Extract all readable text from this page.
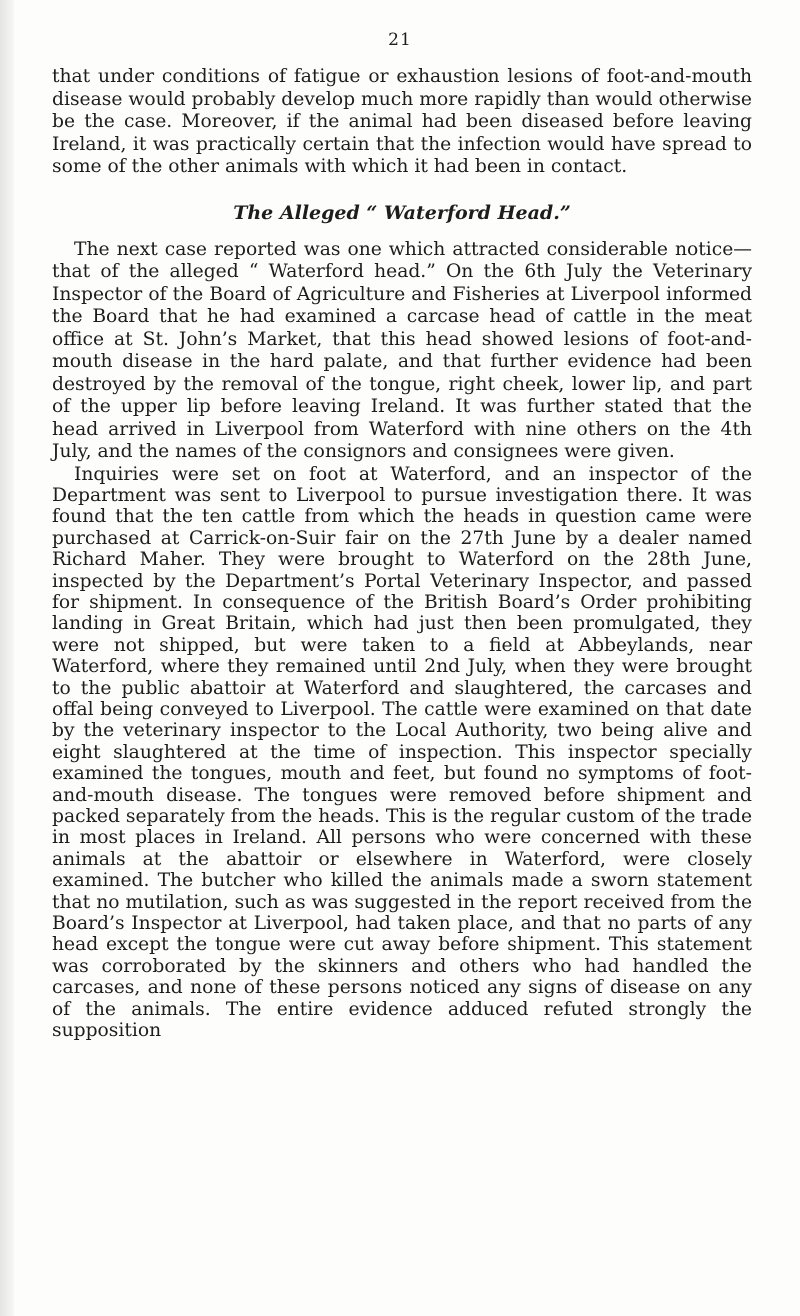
21

that under conditions of fatigue or exhaustion lesions of foot-and-mouth disease would probably develop much more rapidly than would otherwise be the case. Moreover, if the animal had been diseased before leaving Ireland, it was practically certain that the infection would have spread to some of the other animals with which it had been in contact.

The Alleged “ Waterford Head.”

The next case reported was one which attracted considerable notice—that of the alleged “ Waterford head.” On the 6th July the Veterinary Inspector of the Board of Agriculture and Fisheries at Liverpool informed the Board that he had examined a carcase head of cattle in the meat office at St. John’s Market, that this head showed lesions of foot-and-mouth disease in the hard palate, and that further evidence had been destroyed by the removal of the tongue, right cheek, lower lip, and part of the upper lip before leaving Ireland. It was further stated that the head arrived in Liverpool from Waterford with nine others on the 4th July, and the names of the consignors and consignees were given.

Inquiries were set on foot at Waterford, and an inspector of the Department was sent to Liverpool to pursue investigation there. It was found that the ten cattle from which the heads in question came were purchased at Carrick-on-Suir fair on the 27th June by a dealer named Richard Maher. They were brought to Waterford on the 28th June, inspected by the Department’s Portal Veterinary Inspector, and passed for shipment. In consequence of the British Board’s Order prohibiting landing in Great Britain, which had just then been promulgated, they were not shipped, but were taken to a field at Abbeylands, near Waterford, where they remained until 2nd July, when they were brought to the public abattoir at Waterford and slaughtered, the carcases and offal being conveyed to Liverpool. The cattle were examined on that date by the veterinary inspector to the Local Authority, two being alive and eight slaughtered at the time of inspection. This inspector specially examined the tongues, mouth and feet, but found no symptoms of foot-and-mouth disease. The tongues were removed before shipment and packed separately from the heads. This is the regular custom of the trade in most places in Ireland. All persons who were concerned with these animals at the abattoir or elsewhere in Waterford, were closely examined. The butcher who killed the animals made a sworn statement that no mutilation, such as was suggested in the report received from the Board’s Inspector at Liverpool, had taken place, and that no parts of any head except the tongue were cut away before shipment. This statement was corroborated by the skinners and others who had handled the carcases, and none of these persons noticed any signs of disease on any of the animals. The entire evidence adduced refuted strongly the supposition
